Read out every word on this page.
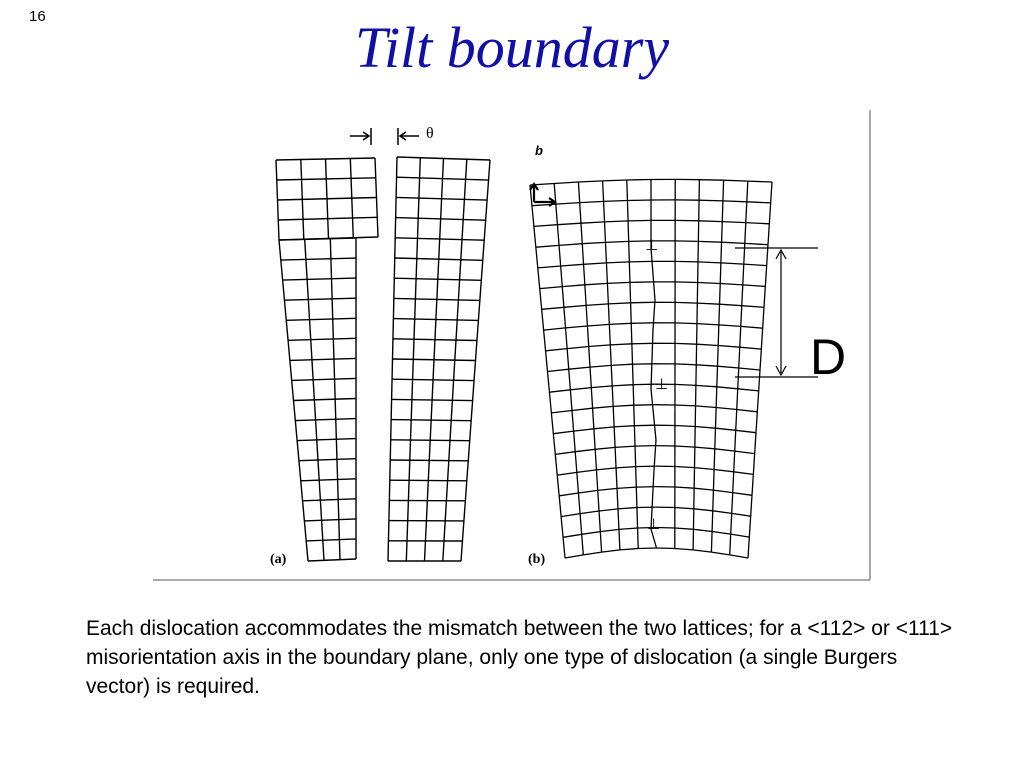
16	Tilt boundary
θ
(a)
b
⊥
⊥
⊥
D
(b)

Each dislocation accommodates the mismatch between the two lattices; for a <112> or <111> misorientation axis in the boundary plane, only one type of dislocation (a single Burgers vector) is required.
